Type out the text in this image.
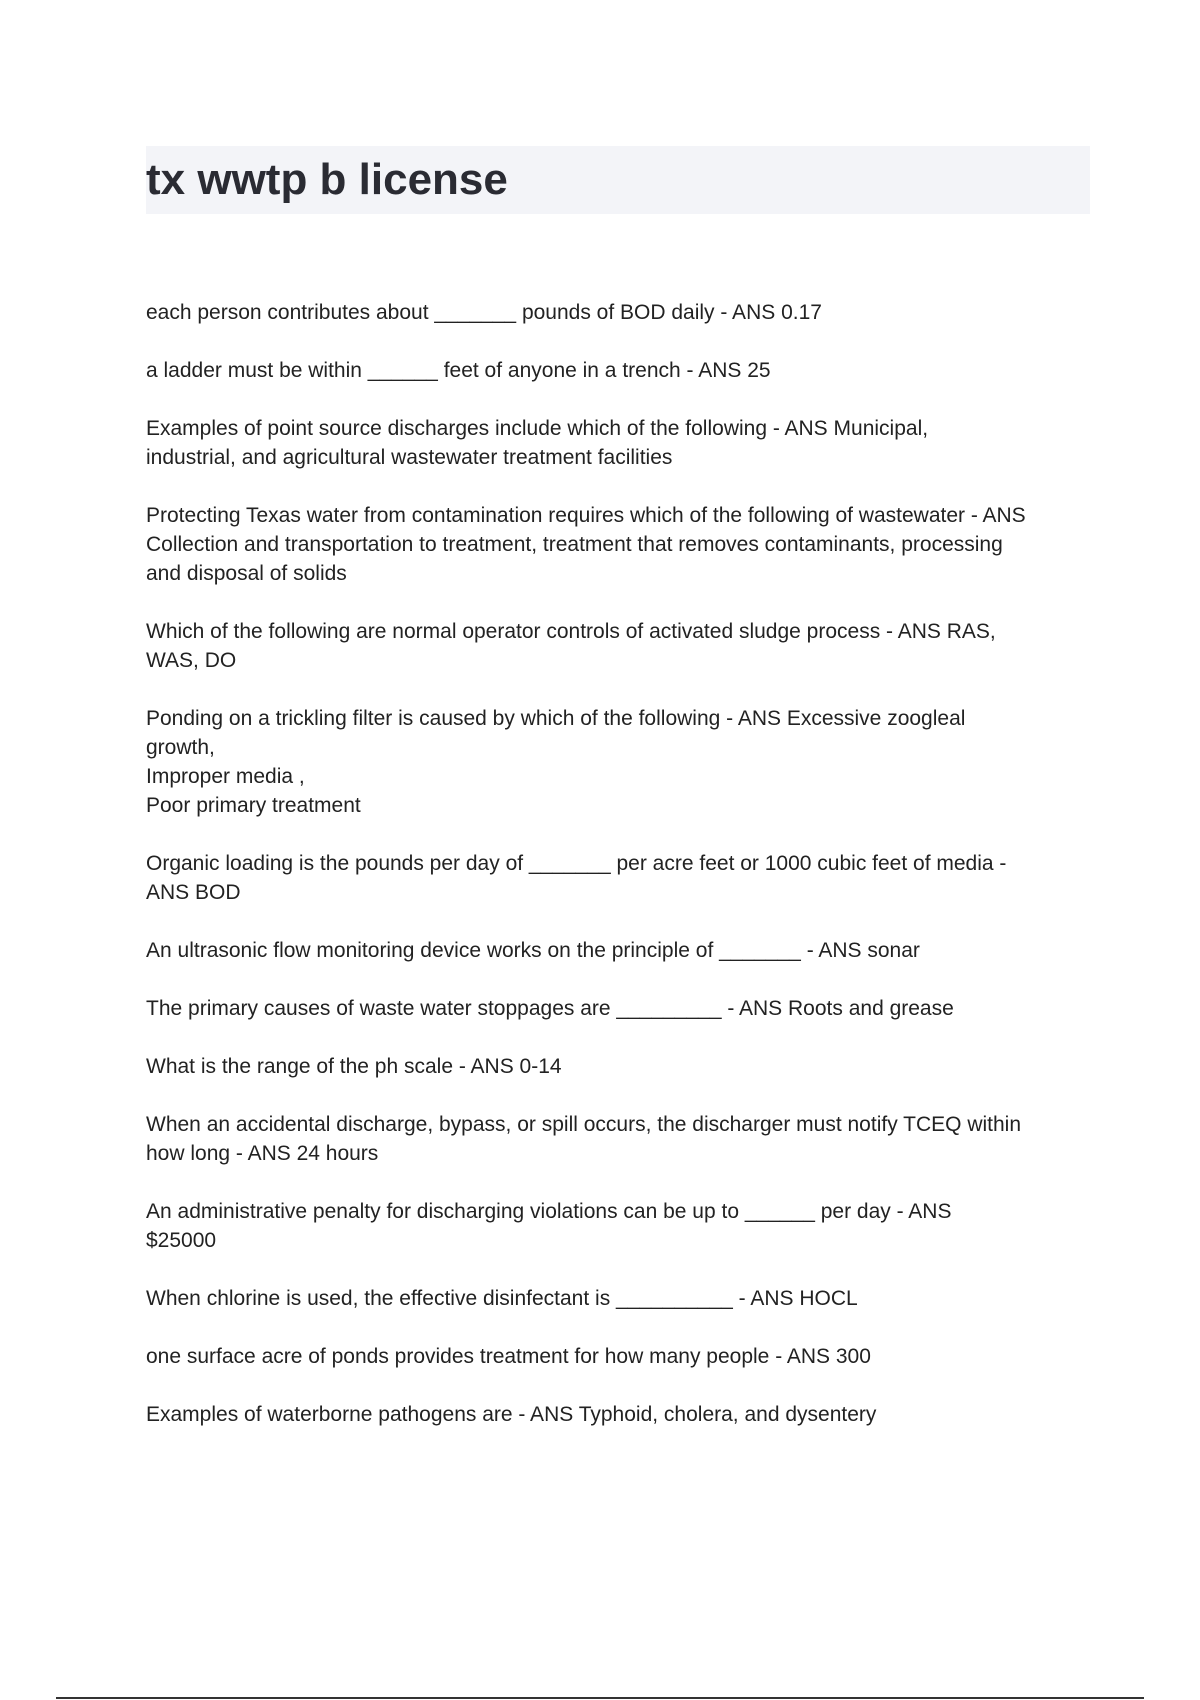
tx wwtp b license
each person contributes about _______ pounds of BOD daily - ANS 0.17
a ladder must be within ______ feet of anyone in a trench - ANS 25
Examples of point source discharges include which of the following - ANS Municipal,
industrial, and agricultural wastewater treatment facilities
Protecting Texas water from contamination requires which of the following of wastewater - ANS
Collection and transportation to treatment, treatment that removes contaminants, processing
and disposal of solids
Which of the following are normal operator controls of activated sludge process - ANS RAS,
WAS, DO
Ponding on a trickling filter is caused by which of the following - ANS Excessive zoogleal
growth,
Improper media ,
Poor primary treatment
Organic loading is the pounds per day of _______ per acre feet or 1000 cubic feet of media -
ANS BOD
An ultrasonic flow monitoring device works on the principle of _______ - ANS sonar
The primary causes of waste water stoppages are _________ - ANS Roots and grease
What is the range of the ph scale - ANS 0-14
When an accidental discharge, bypass, or spill occurs, the discharger must notify TCEQ within
how long - ANS 24 hours
An administrative penalty for discharging violations can be up to ______ per day - ANS
$25000
When chlorine is used, the effective disinfectant is __________ - ANS HOCL
one surface acre of ponds provides treatment for how many people - ANS 300
Examples of waterborne pathogens are - ANS Typhoid, cholera, and dysentery
